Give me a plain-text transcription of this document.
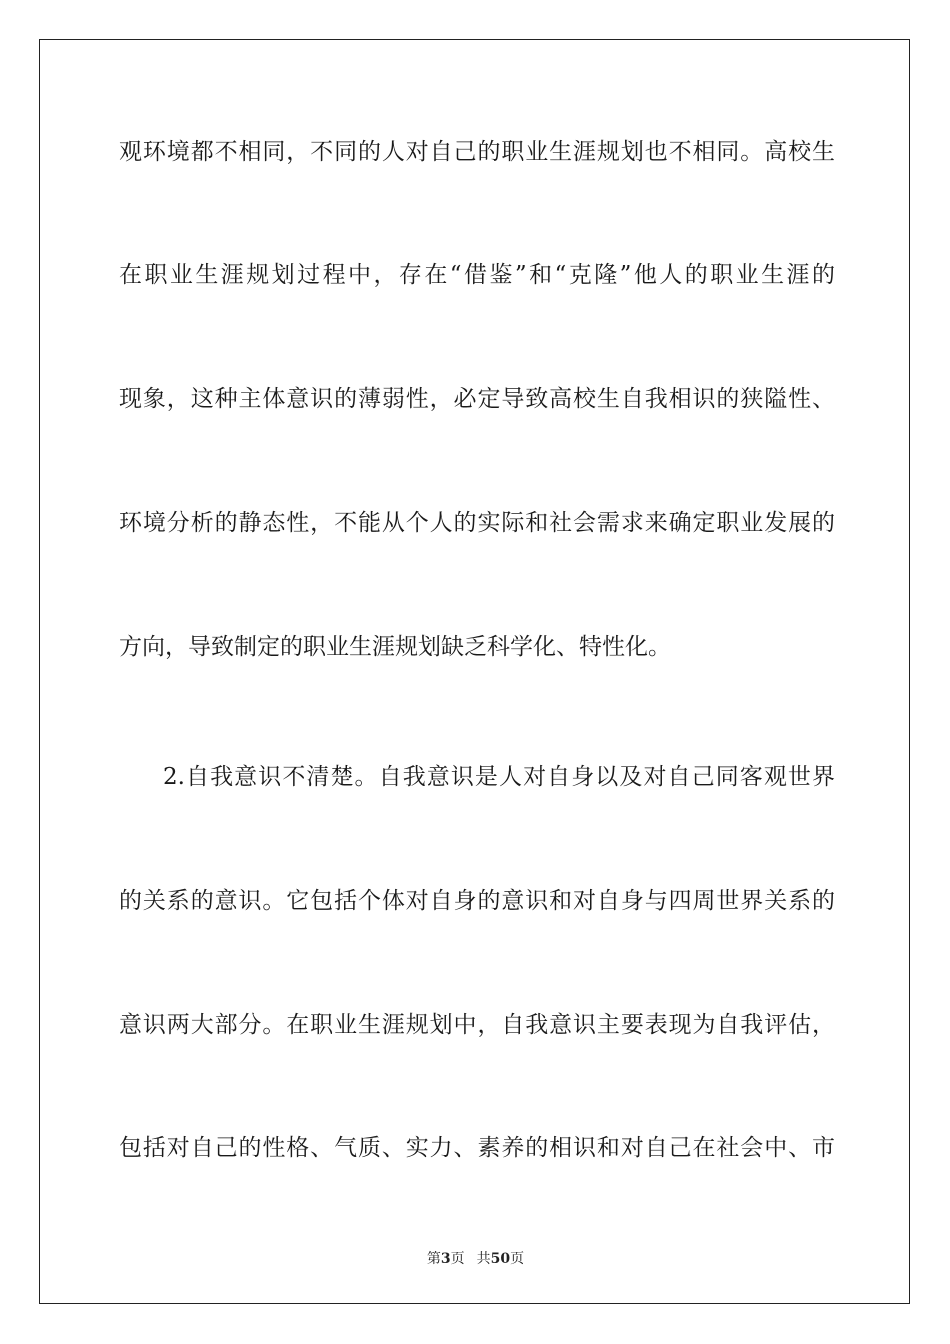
观环境都不相同，不同的人对自己的职业生涯规划也不相同。高校生
在职业生涯规划过程中，存在“借鉴”和“克隆”他人的职业生涯的
现象，这种主体意识的薄弱性，必定导致高校生自我相识的狭隘性、
环境分析的静态性，不能从个人的实际和社会需求来确定职业发展的
方向，导致制定的职业生涯规划缺乏科学化、特性化。
2.自我意识不清楚。自我意识是人对自身以及对自己同客观世界
的关系的意识。它包括个体对自身的意识和对自身与四周世界关系的
意识两大部分。在职业生涯规划中，自我意识主要表现为自我评估，
包括对自己的性格、气质、实力、素养的相识和对自己在社会中、市
第3页 共50页
